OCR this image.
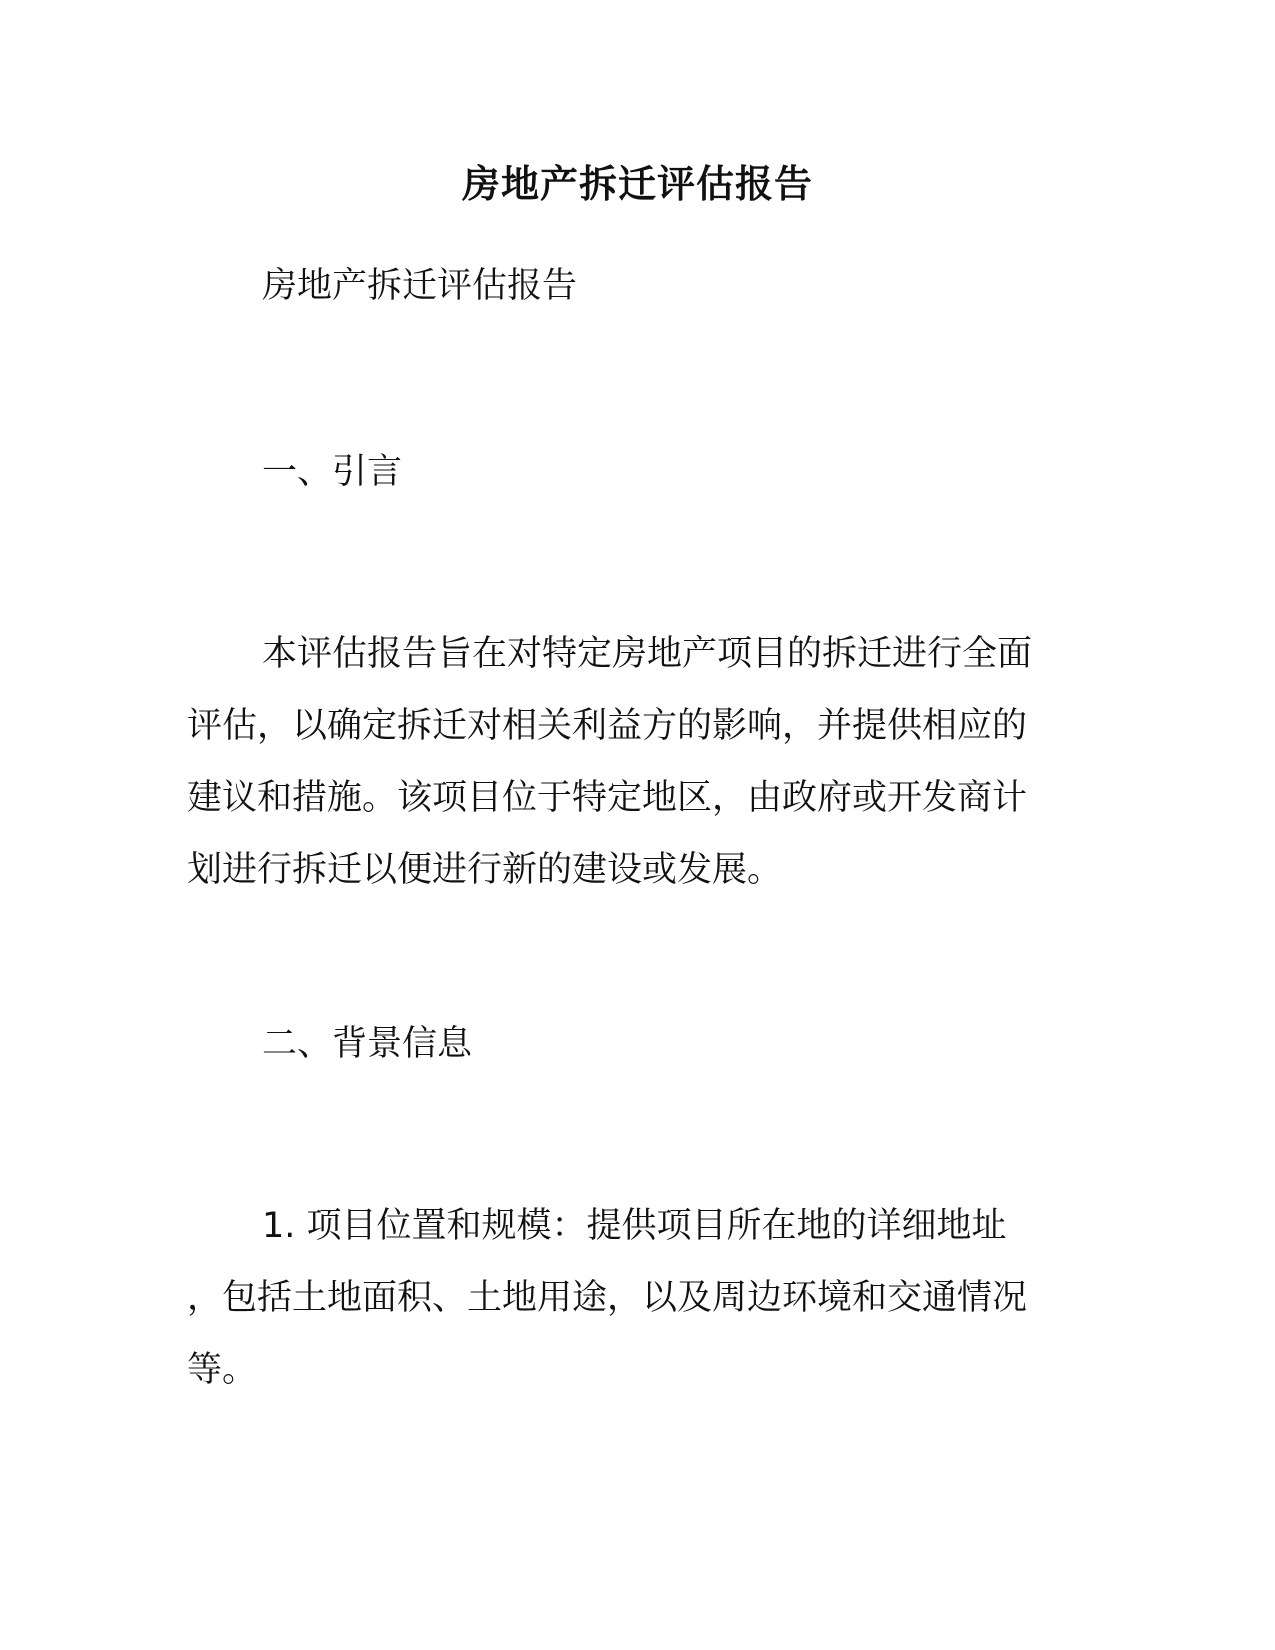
房地产拆迁评估报告
房地产拆迁评估报告
一、引言
本评估报告旨在对特定房地产项目的拆迁进行全面
评估，以确定拆迁对相关利益方的影响，并提供相应的
建议和措施。该项目位于特定地区，由政府或开发商计
划进行拆迁以便进行新的建设或发展。
二、背景信息
1. 项目位置和规模：提供项目所在地的详细地址
，包括土地面积、土地用途，以及周边环境和交通情况
等。
